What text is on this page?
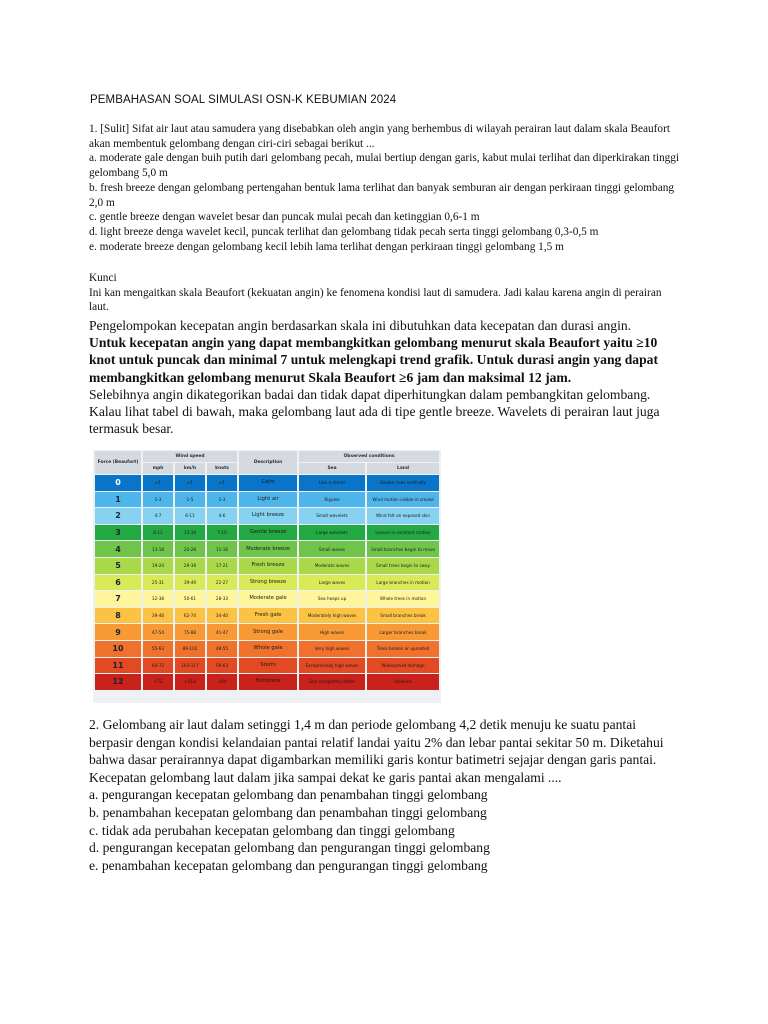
PEMBAHASAN SOAL SIMULASI OSN-K KEBUMIAN 2024

1. [Sulit] Sifat air laut atau samudera yang disebabkan oleh angin yang berhembus di wilayah perairan laut dalam skala Beaufort akan membentuk gelombang dengan ciri-ciri sebagai berikut ...

a. moderate gale dengan buih putih dari gelombang pecah, mulai bertiup dengan garis, kabut mulai terlihat dan diperkirakan tinggi gelombang 5,0 m

b. fresh breeze dengan gelombang pertengahan bentuk lama terlihat dan banyak semburan air dengan perkiraan tinggi gelombang 2,0 m

c. gentle breeze dengan wavelet besar dan puncak mulai pecah dan ketinggian 0,6-1 m

d. light breeze denga wavelet kecil, puncak terlihat dan gelombang tidak pecah serta tinggi gelombang 0,3-0,5 m

e. moderate breeze dengan gelombang kecil lebih lama terlihat dengan perkiraan tinggi gelombang 1,5 m

Kunci

Ini kan mengaitkan skala Beaufort (kekuatan angin) ke fenomena kondisi laut di samudera. Jadi kalau karena angin di perairan laut.

Pengelompokan kecepatan angin berdasarkan skala ini dibutuhkan data kecepatan dan durasi angin.

Untuk kecepatan angin yang dapat membangkitkan gelombang menurut skala Beaufort yaitu ≥10 knot untuk puncak dan minimal 7 untuk melengkapi trend grafik. Untuk durasi angin yang dapat membangkitkan gelombang menurut Skala Beaufort ≥6 jam dan maksimal 12 jam.

Selebihnya angin dikategorikan badai dan tidak dapat diperhitungkan dalam pembangkitan gelombang. Kalau lihat tabel di bawah, maka gelombang laut ada di tipe gentle breeze. Wavelets di perairan laut juga termasuk besar.

Force (Beaufort)	Wind speed			Description	Observed conditions	
	mph	km/h	knots		Sea	Land
0	<1	<1	<1	Calm	Like a mirror	Smoke rises vertically
1	1-3	1-5	1-3	Light air	Ripples	Wind motion visible in smoke
2	4-7	6-11	4-6	Light breeze	Small wavelets	Wind felt on exposed skin
3	8-12	12-19	7-10	Gentle breeze	Large wavelets	Leaves in constant motion
4	13-18	20-28	11-16	Moderate breeze	Small waves	Small branches begin to move
5	19-24	29-38	17-21	Fresh breeze	Moderate waves	Small trees begin to sway
6	25-31	39-49	22-27	Strong breeze	Large waves	Large branches in motion
7	32-38	50-61	28-33	Moderate gale	Sea heaps up	Whole trees in motion
8	39-46	62-74	34-40	Fresh gale	Moderately high waves	Small branches break
9	47-54	75-88	41-47	Strong gale	High waves	Larger branches break
10	55-63	89-102	48-55	Whole gale	Very high waves	Trees broken or uprooted
11	64-72	103-117	56-63	Storm	Exceptionally high waves	Widespread damage
12	>73	>118	>64	Hurricane	Sea completely white	Violence

2. Gelombang air laut dalam setinggi 1,4 m dan periode gelombang 4,2 detik menuju ke suatu pantai berpasir dengan kondisi kelandaian pantai relatif landai yaitu 2% dan lebar pantai sekitar 50 m. Diketahui bahwa dasar perairannya dapat digambarkan memiliki garis kontur batimetri sejajar dengan garis pantai. Kecepatan gelombang laut dalam jika sampai dekat ke garis pantai akan mengalami ....

a. pengurangan kecepatan gelombang dan penambahan tinggi gelombang

b. penambahan kecepatan gelombang dan penambahan tinggi gelombang

c. tidak ada perubahan kecepatan gelombang dan tinggi gelombang

d. pengurangan kecepatan gelombang dan pengurangan tinggi gelombang

e. penambahan kecepatan gelombang dan pengurangan tinggi gelombang
